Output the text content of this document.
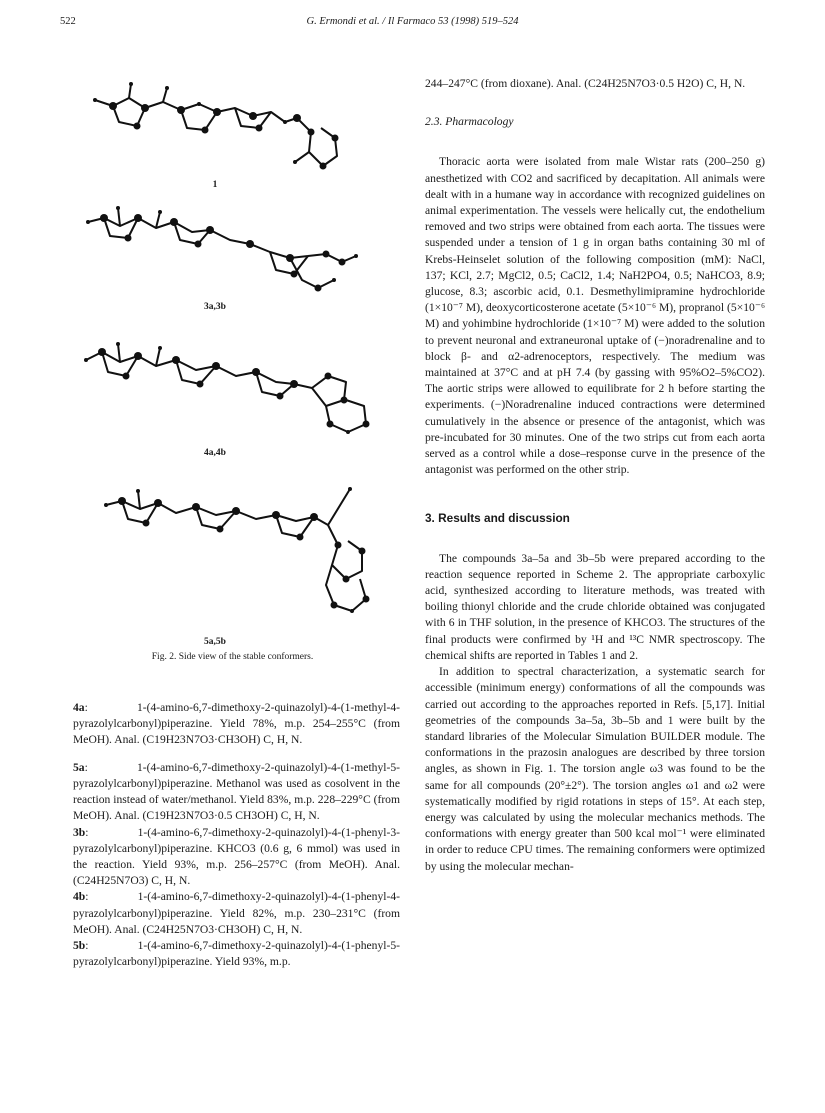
522	G. Ermondi et al. / Il Farmaco 53 (1998) 519–524
1
3a,3b
4a,4b
5a,5b
Fig. 2. Side view of the stable conformers.

4a: 1-(4-amino-6,7-dimethoxy-2-quinazolyl)-4-(1-methyl-4-pyrazolylcarbonyl)piperazine. Yield 78%, m.p. 254–255°C (from MeOH). Anal. (C19H23N7O3·CH3OH) C, H, N.

5a: 1-(4-amino-6,7-dimethoxy-2-quinazolyl)-4-(1-methyl-5-pyrazolylcarbonyl)piperazine. Methanol was used as cosolvent in the reaction instead of water/methanol. Yield 83%, m.p. 228–229°C (from MeOH). Anal. (C19H23N7O3·0.5 CH3OH) C, H, N.

3b: 1-(4-amino-6,7-dimethoxy-2-quinazolyl)-4-(1-phenyl-3-pyrazolylcarbonyl)piperazine. KHCO3 (0.6 g, 6 mmol) was used in the reaction. Yield 93%, m.p. 256–257°C (from MeOH). Anal. (C24H25N7O3) C, H, N.

4b: 1-(4-amino-6,7-dimethoxy-2-quinazolyl)-4-(1-phenyl-4-pyrazolylcarbonyl)piperazine. Yield 82%, m.p. 230–231°C (from MeOH). Anal. (C24H25N7O3·CH3OH) C, H, N.

5b: 1-(4-amino-6,7-dimethoxy-2-quinazolyl)-4-(1-phenyl-5-pyrazolylcarbonyl)piperazine. Yield 93%, m.p.

244–247°C (from dioxane). Anal. (C24H25N7O3·0.5 H2O) C, H, N.

2.3. Pharmacology

Thoracic aorta were isolated from male Wistar rats (200–250 g) anesthetized with CO2 and sacrificed by decapitation. All animals were dealt with in a humane way in accordance with recognized guidelines on animal experimentation. The vessels were helically cut, the endothelium removed and two strips were obtained from each aorta. The tissues were suspended under a tension of 1 g in organ baths containing 30 ml of Krebs-Heinselet solution of the following composition (mM): NaCl, 137; KCl, 2.7; MgCl2, 0.5; CaCl2, 1.4; NaH2PO4, 0.5; NaHCO3, 8.9; glucose, 8.3; ascorbic acid, 0.1. Desmethylimipramine hydrochloride (1×10⁻⁷ M), deoxycorticosterone acetate (5×10⁻⁶ M), propranol (5×10⁻⁶ M) and yohimbine hydrochloride (1×10⁻⁷ M) were added to the solution to prevent neuronal and extraneuronal uptake of (−)noradrenaline and to block β- and α2-adrenoceptors, respectively. The medium was maintained at 37°C and at pH 7.4 (by gassing with 95%O2–5%CO2). The aortic strips were allowed to equilibrate for 2 h before starting the experiments. (−)Noradrenaline induced contractions were determined cumulatively in the absence or presence of the antagonist, which was pre-incubated for 30 minutes. One of the two strips cut from each aorta served as a control while a dose–response curve in the presence of the antagonist was performed on the other strip.

3. Results and discussion

The compounds 3a–5a and 3b–5b were prepared according to the reaction sequence reported in Scheme 2. The appropriate carboxylic acid, synthesized according to literature methods, was treated with boiling thionyl chloride and the crude chloride obtained was conjugated with 6 in THF solution, in the presence of KHCO3. The structures of the final products were confirmed by ¹H and ¹³C NMR spectroscopy. The chemical shifts are reported in Tables 1 and 2.

In addition to spectral characterization, a systematic search for accessible (minimum energy) conformations of all the compounds was carried out according to the approaches reported in Refs. [5,17]. Initial geometries of the compounds 3a–5a, 3b–5b and 1 were built by the standard libraries of the Molecular Simulation BUILDER module. The conformations in the prazosin analogues are described by three torsion angles, as shown in Fig. 1. The torsion angle ω3 was found to be the same for all compounds (20°±2°). The torsion angles ω1 and ω2 were systematically modified by rigid rotations in steps of 15°. At each step, energy was calculated by using the molecular mechanics methods. The conformations with energy greater than 500 kcal mol⁻¹ were eliminated in order to reduce CPU times. The remaining conformers were optimized by using the molecular mechan-
